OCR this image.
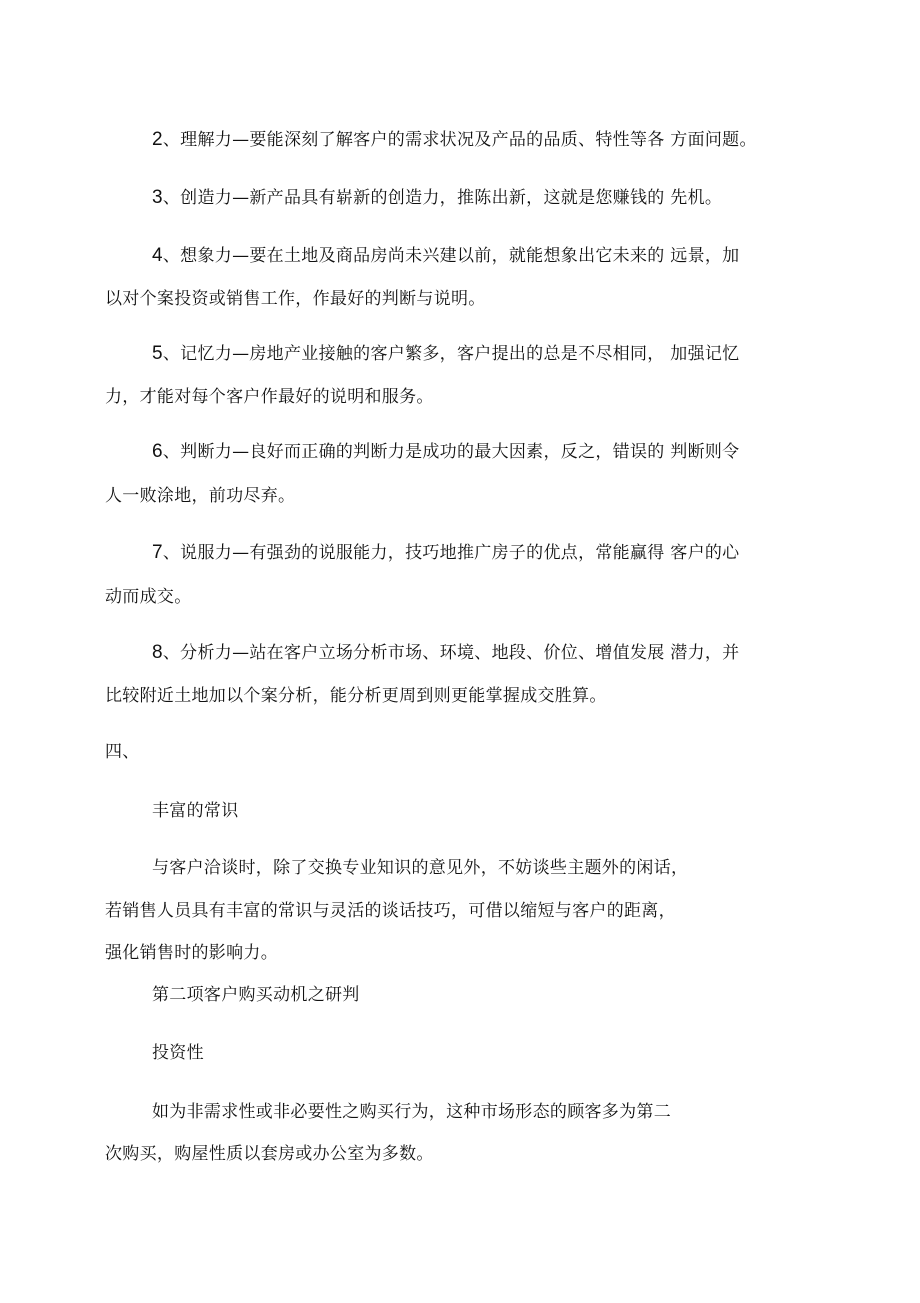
2、理解力—要能深刻了解客户的需求状况及产品的品质、特性等各 方面问题。
3、创造力—新产品具有崭新的创造力，推陈出新，这就是您赚钱的 先机。
4、想象力—要在土地及商品房尚未兴建以前，就能想象出它未来的 远景，加
以对个案投资或销售工作，作最好的判断与说明。
5、记忆力—房地产业接触的客户繁多，客户提出的总是不尽相同， 加强记忆
力，才能对每个客户作最好的说明和服务。
6、判断力—良好而正确的判断力是成功的最大因素，反之，错误的 判断则令
人一败涂地，前功尽弃。
7、说服力—有强劲的说服能力，技巧地推广房子的优点，常能赢得 客户的心
动而成交。
8、分析力—站在客户立场分析市场、环境、地段、价位、增值发展 潜力，并
比较附近土地加以个案分析，能分析更周到则更能掌握成交胜算。
四、
丰富的常识
与客户洽谈时，除了交换专业知识的意见外，不妨谈些主题外的闲话，
若销售人员具有丰富的常识与灵活的谈话技巧，可借以缩短与客户的距离，
强化销售时的影响力。
第二项客户购买动机之研判
投资性
如为非需求性或非必要性之购买行为，这种市场形态的顾客多为第二
次购买，购屋性质以套房或办公室为多数。
